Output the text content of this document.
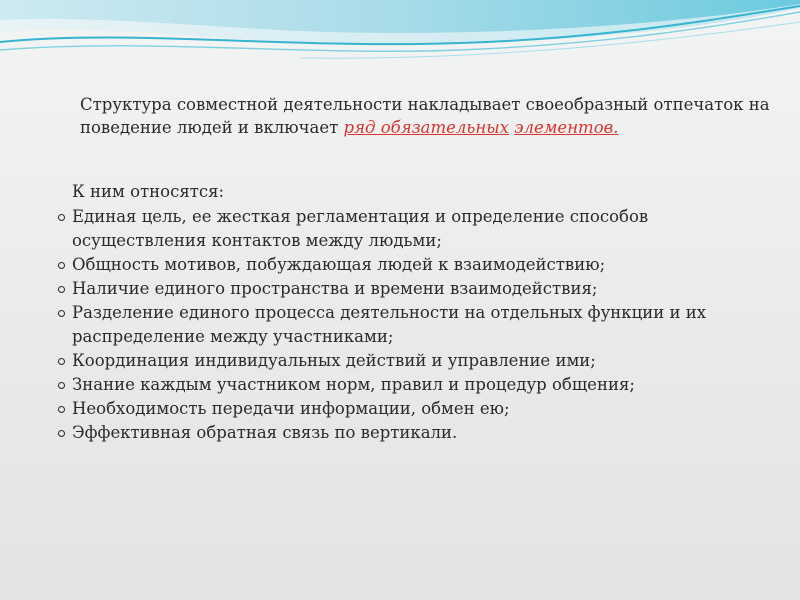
Структура совместной деятельности накладывает своеобразный отпечаток на поведение людей и включает ряд обязательных элементов.
К ним относятся:
Единая цель, ее жесткая регламентация и определение способов осуществления контактов между людьми;
Общность мотивов, побуждающая людей к взаимодействию;
Наличие единого пространства и времени взаимодействия;
Разделение единого процесса деятельности на отдельных функции и их распределение между участниками;
Координация индивидуальных действий и управление ими;
Знание каждым участником норм, правил и процедур общения;
Необходимость передачи информации, обмен ею;
Эффективная обратная связь по вертикали.
